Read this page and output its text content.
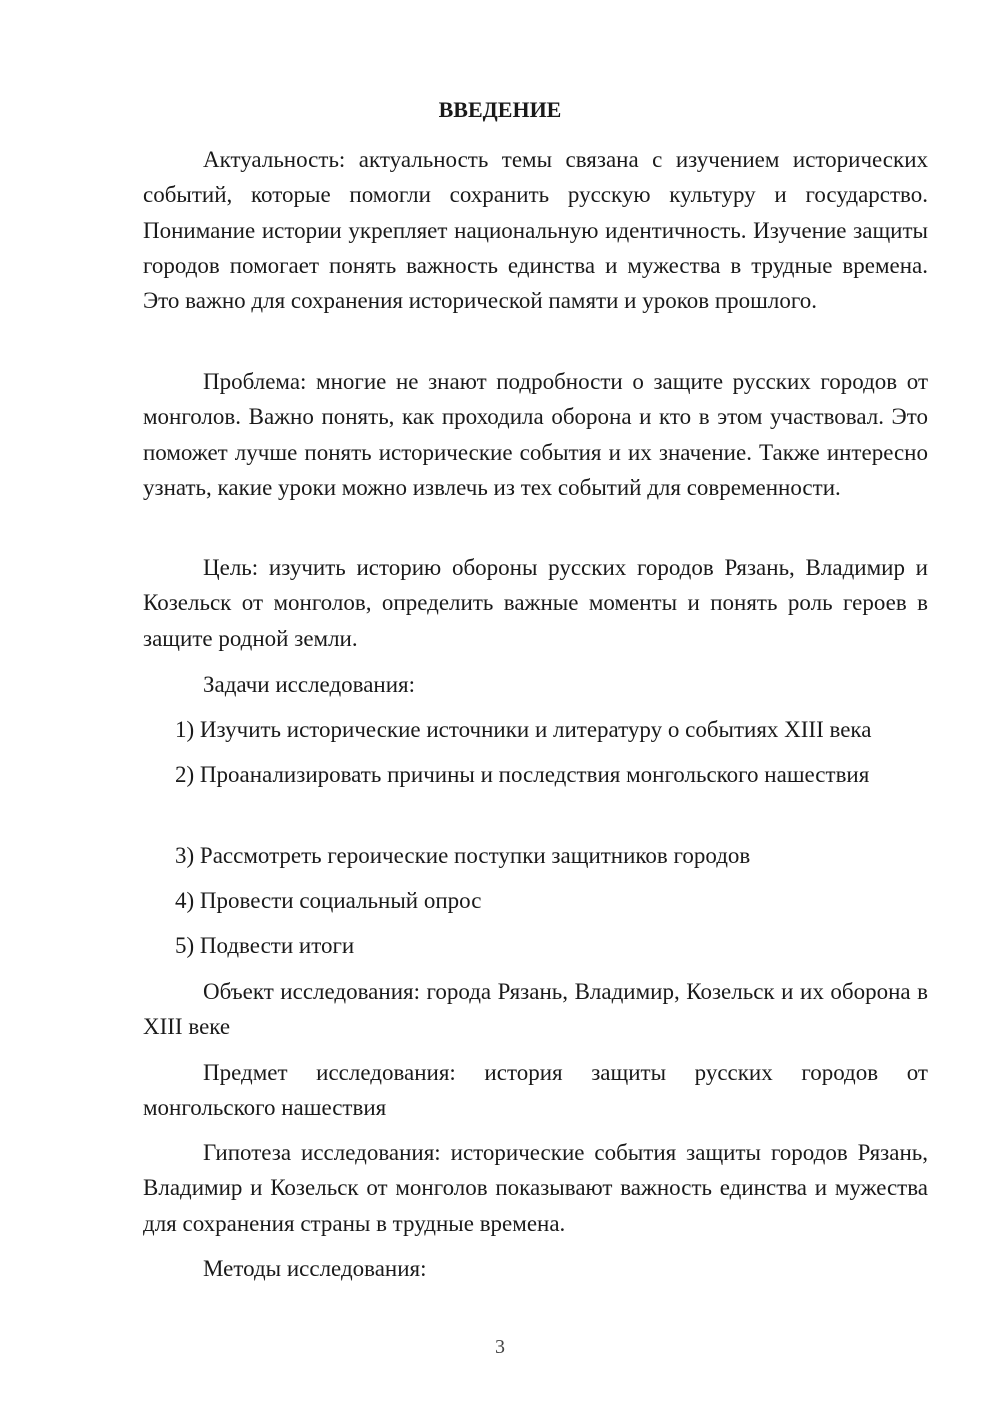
ВВЕДЕНИЕ

Актуальность: актуальность темы связана с изучением исторических событий, которые помогли сохранить русскую культуру и государство. Понимание истории укрепляет национальную идентичность. Изучение защиты городов помогает понять важность единства и мужества в трудные времена. Это важно для сохранения исторической памяти и уроков прошлого.

Проблема: многие не знают подробности о защите русских городов от монголов. Важно понять, как проходила оборона и кто в этом участвовал. Это поможет лучше понять исторические события и их значение. Также интересно узнать, какие уроки можно извлечь из тех событий для современности.

Цель: изучить историю обороны русских городов Рязань, Владимир и Козельск от монголов, определить важные моменты и понять роль героев в защите родной земли.

Задачи исследования:

1) Изучить исторические источники и литературу о событиях XIII века

2) Проанализировать причины и последствия монгольского нашествия

3) Рассмотреть героические поступки защитников городов

4) Провести социальный опрос

5) Подвести итоги

Объект исследования: города Рязань, Владимир, Козельск и их оборона в XIII веке

Предмет исследования: история защиты русских городов от монгольского нашествия

Гипотеза исследования: исторические события защиты городов Рязань, Владимир и Козельск от монголов показывают важность единства и мужества для сохранения страны в трудные времена.

Методы исследования:

3
